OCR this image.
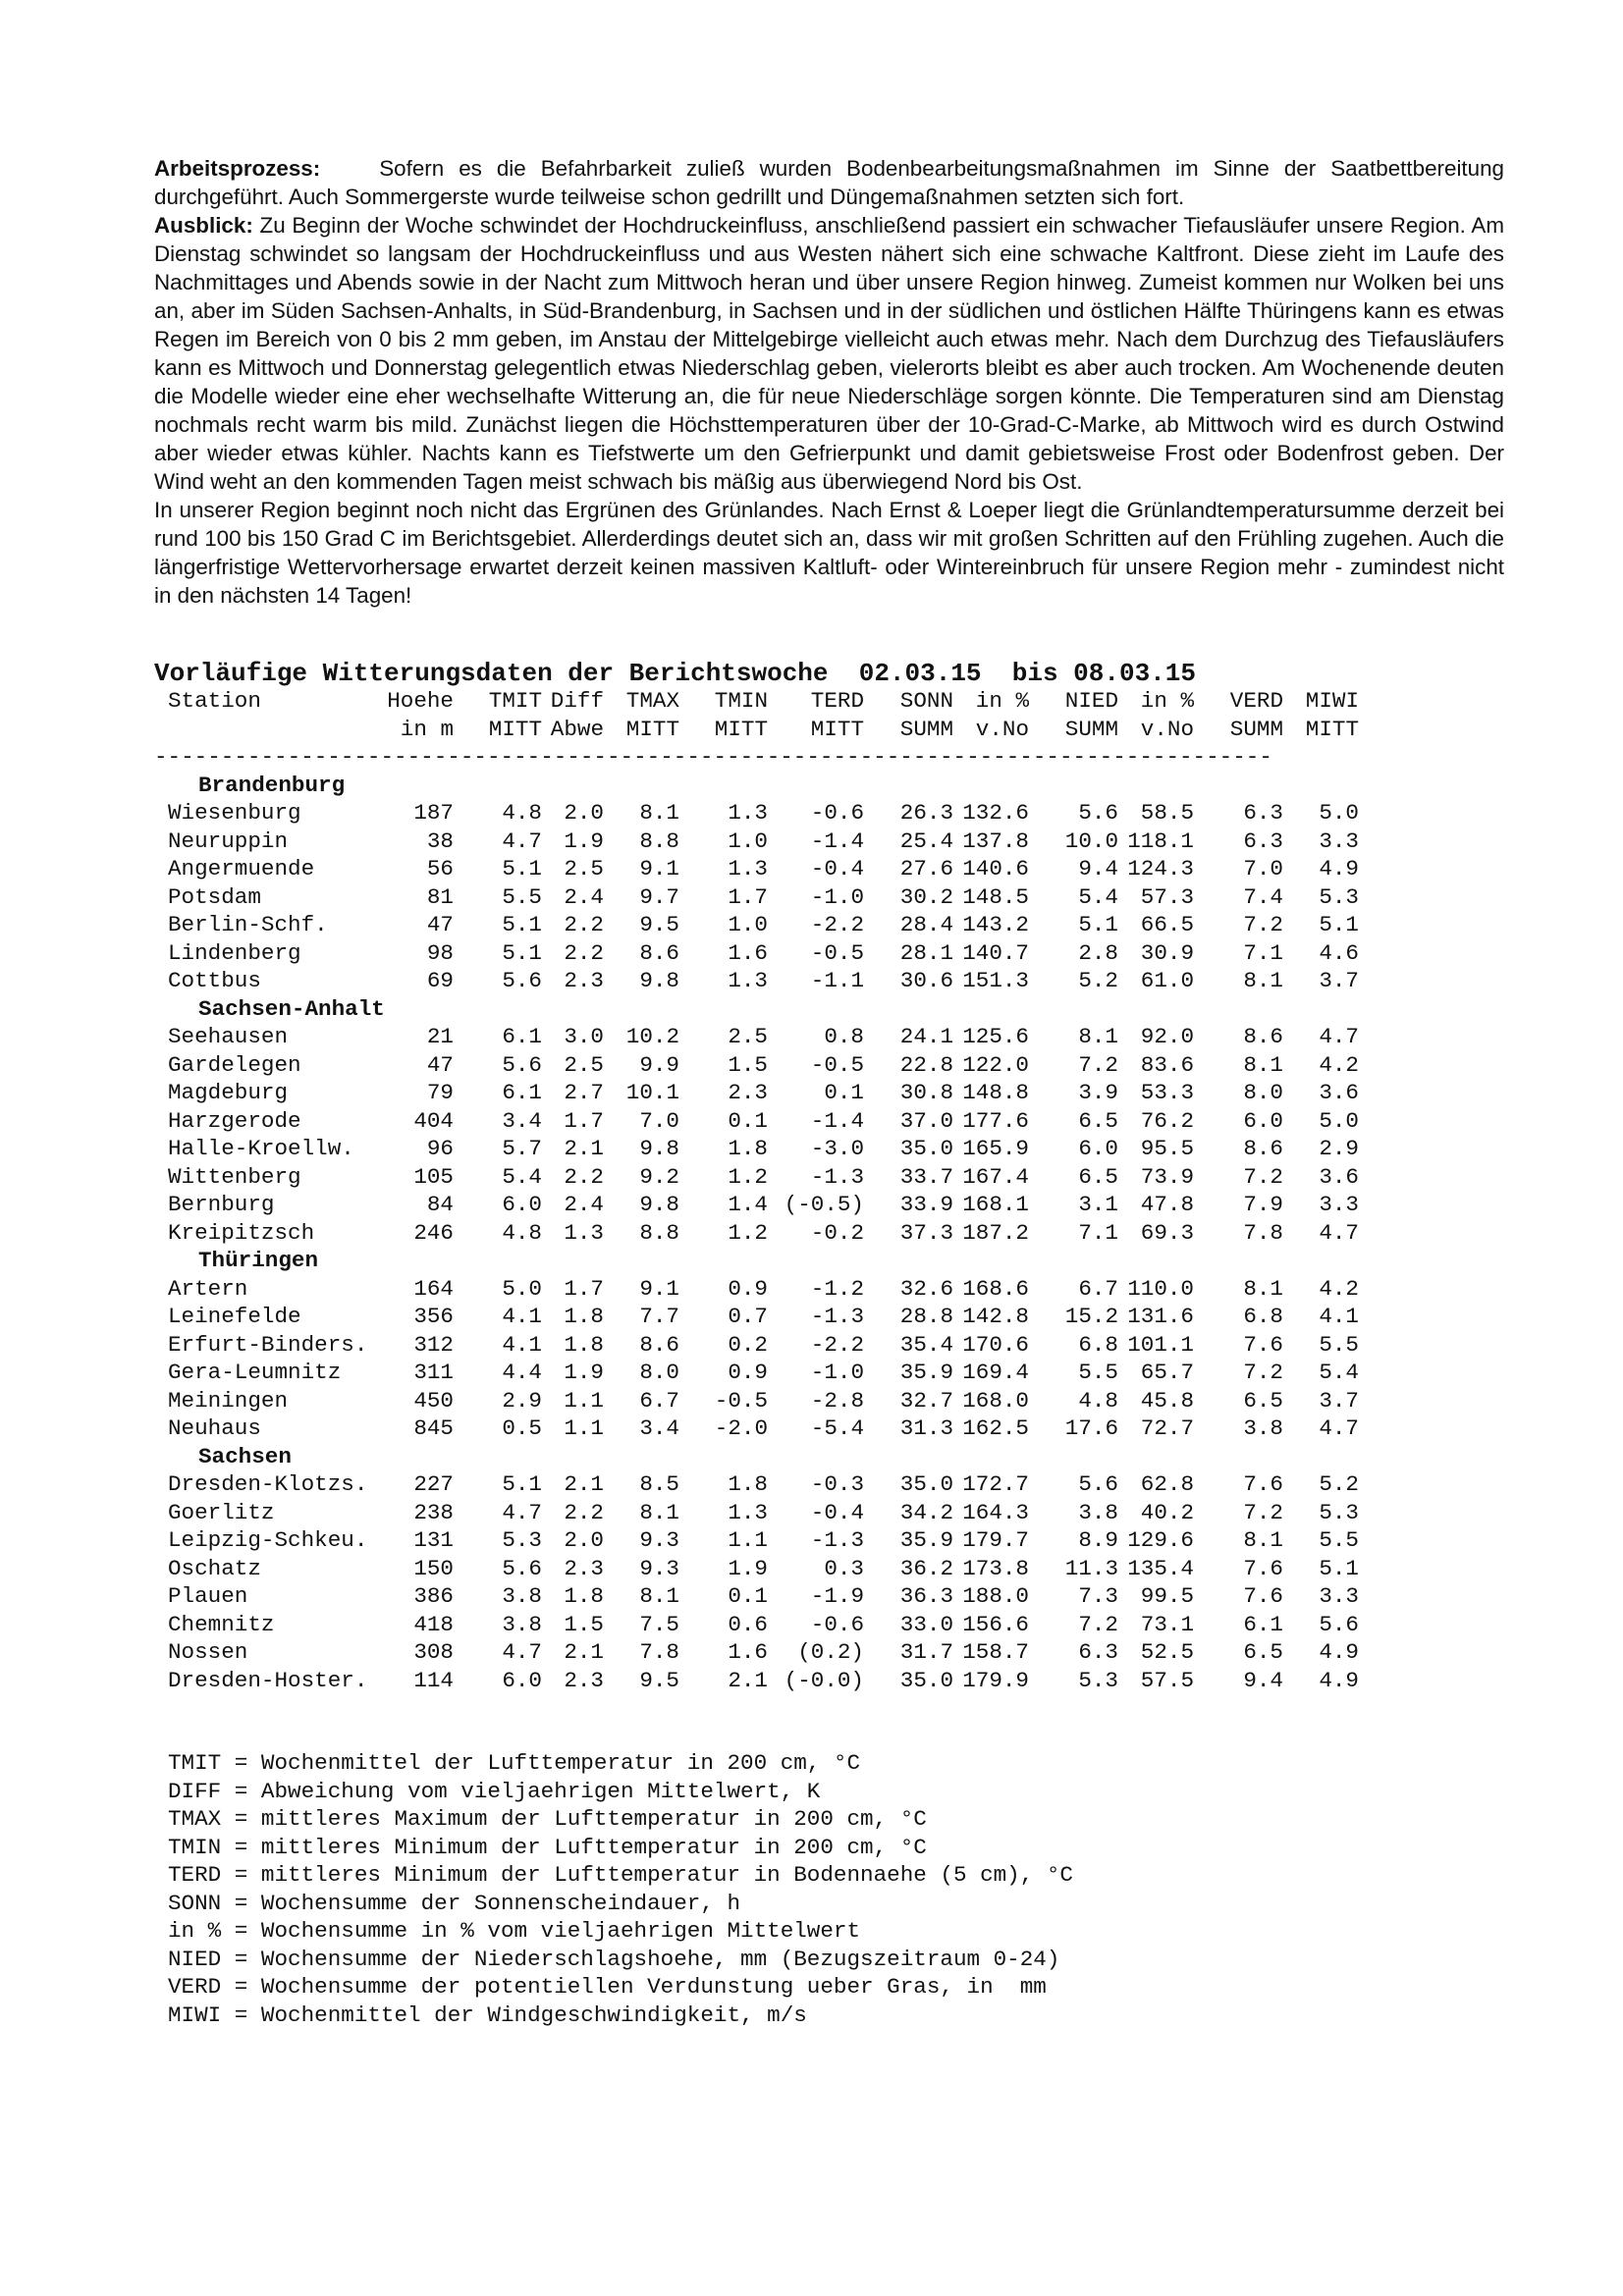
Arbeitsprozess:	Sofern es die Befahrbarkeit zuließ wurden Bodenbearbeitungsmaßnahmen im Sinne der Saatbettbereitung durchgeführt. Auch Sommergerste wurde teilweise schon gedrillt und Düngemaßnahmen setzten sich fort.

Ausblick: Zu Beginn der Woche schwindet der Hochdruckeinfluss, anschließend passiert ein schwacher Tiefausläufer unsere Region. Am Dienstag schwindet so langsam der Hochdruckeinfluss und aus Westen nähert sich eine schwache Kaltfront. Diese zieht im Laufe des Nachmittages und Abends sowie in der Nacht zum Mittwoch heran und über unsere Region hinweg. Zumeist kommen nur Wolken bei uns an, aber im Süden Sachsen-Anhalts, in Süd-Brandenburg, in Sachsen und in der südlichen und östlichen Hälfte Thüringens kann es etwas Regen im Bereich von 0 bis 2 mm geben, im Anstau der Mittelgebirge vielleicht auch etwas mehr. Nach dem Durchzug des Tiefausläufers kann es Mittwoch und Donnerstag gelegentlich etwas Niederschlag geben, vielerorts bleibt es aber auch trocken. Am Wochenende deuten die Modelle wieder eine eher wechselhafte Witterung an, die für neue Niederschläge sorgen könnte. Die Temperaturen sind am Dienstag nochmals recht warm bis mild. Zunächst liegen die Höchsttemperaturen über der 10-Grad-C-Marke, ab Mittwoch wird es durch Ostwind aber wieder etwas kühler. Nachts kann es Tiefstwerte um den Gefrierpunkt und damit gebietsweise Frost oder Bodenfrost geben. Der Wind weht an den kommenden Tagen meist schwach bis mäßig aus überwiegend Nord bis Ost.

In unserer Region beginnt noch nicht das Ergrünen des Grünlandes. Nach Ernst & Loeper liegt die Grünlandtemperatursumme derzeit bei rund 100 bis 150 Grad C im Berichtsgebiet. Allerderdings deutet sich an, dass wir mit großen Schritten auf den Frühling zugehen. Auch die längerfristige Wettervorhersage erwartet derzeit keinen massiven Kaltluft- oder Wintereinbruch für unsere Region mehr - zumindest nicht in den nächsten 14 Tagen!

Vorläufige Witterungsdaten der Berichtswoche  02.03.15  bis 08.03.15
Station	Hoehe	TMIT	Diff	TMAX	TMIN	TERD	SONN	in %	NIED	in %	VERD	MIWI
	in m	MITT	Abwe	MITT	MITT	MITT	SUMM	v.No	SUMM	v.No	SUMM	MITT
------------------------------------------------------------------------------------												
Brandenburg												
Wiesenburg	187	4.8	2.0	8.1	1.3	-0.6	26.3	132.6	5.6	58.5	6.3	5.0
Neuruppin	38	4.7	1.9	8.8	1.0	-1.4	25.4	137.8	10.0	118.1	6.3	3.3
Angermuende	56	5.1	2.5	9.1	1.3	-0.4	27.6	140.6	9.4	124.3	7.0	4.9
Potsdam	81	5.5	2.4	9.7	1.7	-1.0	30.2	148.5	5.4	57.3	7.4	5.3
Berlin-Schf.	47	5.1	2.2	9.5	1.0	-2.2	28.4	143.2	5.1	66.5	7.2	5.1
Lindenberg	98	5.1	2.2	8.6	1.6	-0.5	28.1	140.7	2.8	30.9	7.1	4.6
Cottbus	69	5.6	2.3	9.8	1.3	-1.1	30.6	151.3	5.2	61.0	8.1	3.7
Sachsen-Anhalt												
Seehausen	21	6.1	3.0	10.2	2.5	0.8	24.1	125.6	8.1	92.0	8.6	4.7
Gardelegen	47	5.6	2.5	9.9	1.5	-0.5	22.8	122.0	7.2	83.6	8.1	4.2
Magdeburg	79	6.1	2.7	10.1	2.3	0.1	30.8	148.8	3.9	53.3	8.0	3.6
Harzgerode	404	3.4	1.7	7.0	0.1	-1.4	37.0	177.6	6.5	76.2	6.0	5.0
Halle-Kroellw.	96	5.7	2.1	9.8	1.8	-3.0	35.0	165.9	6.0	95.5	8.6	2.9
Wittenberg	105	5.4	2.2	9.2	1.2	-1.3	33.7	167.4	6.5	73.9	7.2	3.6
Bernburg	84	6.0	2.4	9.8	1.4	(-0.5)	33.9	168.1	3.1	47.8	7.9	3.3
Kreipitzsch	246	4.8	1.3	8.8	1.2	-0.2	37.3	187.2	7.1	69.3	7.8	4.7
Thüringen												
Artern	164	5.0	1.7	9.1	0.9	-1.2	32.6	168.6	6.7	110.0	8.1	4.2
Leinefelde	356	4.1	1.8	7.7	0.7	-1.3	28.8	142.8	15.2	131.6	6.8	4.1
Erfurt-Binders.	312	4.1	1.8	8.6	0.2	-2.2	35.4	170.6	6.8	101.1	7.6	5.5
Gera-Leumnitz	311	4.4	1.9	8.0	0.9	-1.0	35.9	169.4	5.5	65.7	7.2	5.4
Meiningen	450	2.9	1.1	6.7	-0.5	-2.8	32.7	168.0	4.8	45.8	6.5	3.7
Neuhaus	845	0.5	1.1	3.4	-2.0	-5.4	31.3	162.5	17.6	72.7	3.8	4.7
Sachsen												
Dresden-Klotzs.	227	5.1	2.1	8.5	1.8	-0.3	35.0	172.7	5.6	62.8	7.6	5.2
Goerlitz	238	4.7	2.2	8.1	1.3	-0.4	34.2	164.3	3.8	40.2	7.2	5.3
Leipzig-Schkeu.	131	5.3	2.0	9.3	1.1	-1.3	35.9	179.7	8.9	129.6	8.1	5.5
Oschatz	150	5.6	2.3	9.3	1.9	0.3	36.2	173.8	11.3	135.4	7.6	5.1
Plauen	386	3.8	1.8	8.1	0.1	-1.9	36.3	188.0	7.3	99.5	7.6	3.3
Chemnitz	418	3.8	1.5	7.5	0.6	-0.6	33.0	156.6	7.2	73.1	6.1	5.6
Nossen	308	4.7	2.1	7.8	1.6	(0.2)	31.7	158.7	6.3	52.5	6.5	4.9
Dresden-Hoster.	114	6.0	2.3	9.5	2.1	(-0.0)	35.0	179.9	5.3	57.5	9.4	4.9
TMIT = Wochenmittel der Lufttemperatur in 200 cm, °C
DIFF = Abweichung vom vieljaehrigen Mittelwert, K
TMAX = mittleres Maximum der Lufttemperatur in 200 cm, °C
TMIN = mittleres Minimum der Lufttemperatur in 200 cm, °C
TERD = mittleres Minimum der Lufttemperatur in Bodennaehe (5 cm), °C
SONN = Wochensumme der Sonnenscheindauer, h
in % = Wochensumme in % vom vieljaehrigen Mittelwert
NIED = Wochensumme der Niederschlagshoehe, mm (Bezugszeitraum 0-24)
VERD = Wochensumme der potentiellen Verdunstung ueber Gras, in  mm
MIWI = Wochenmittel der Windgeschwindigkeit, m/s
